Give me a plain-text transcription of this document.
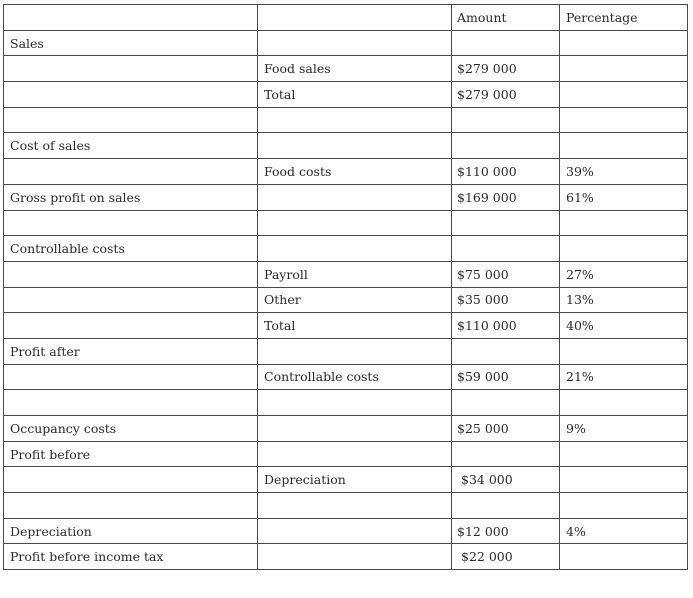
		Amount	Percentage
Sales			
	Food sales	$279 000	
	Total	$279 000	

Cost of sales			
	Food costs	$110 000	39%
Gross profit on sales		$169 000	61%

Controllable costs			
	Payroll	$75 000	27%
	Other	$35 000	13%
	Total	$110 000	40%
Profit after			
	Controllable costs	$59 000	21%

Occupancy costs		$25 000	9%
Profit before			
	Depreciation	$34 000	

Depreciation		$12 000	4%
Profit before income tax		$22 000	
